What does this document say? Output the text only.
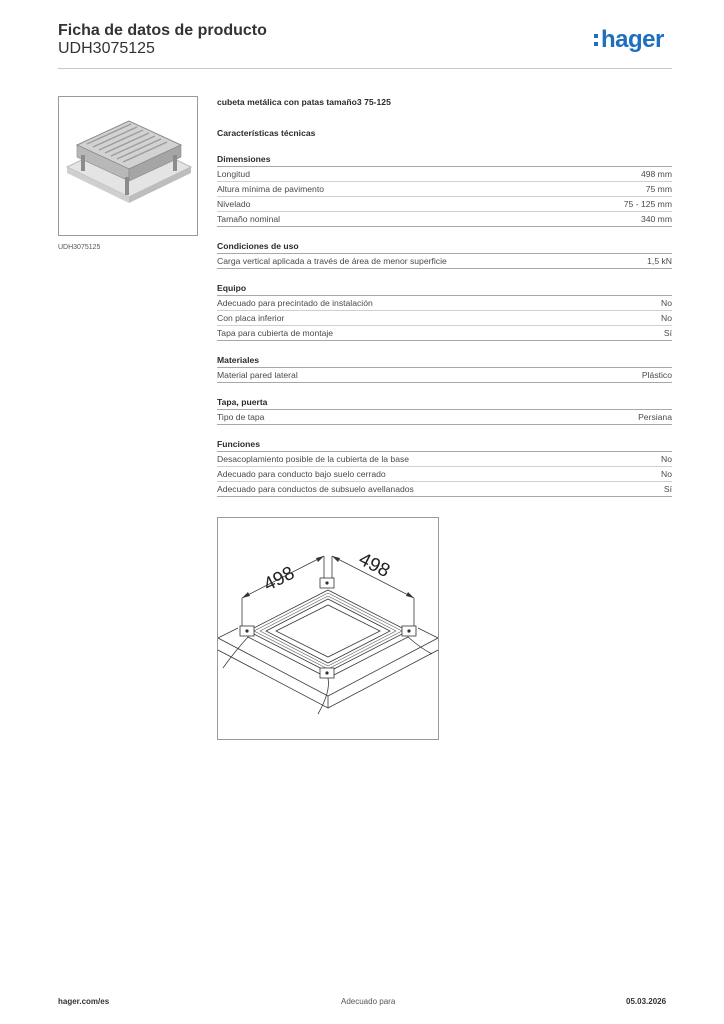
Ficha de datos de producto
UDH3075125	hager
UDH3075125
cubeta metálica con patas tamaño3 75-125
Características técnicas
Dimensiones
Longitud	498 mm
Altura mínima de pavimento	75 mm
Nivelado	75 - 125 mm
Tamaño nominal	340 mm
Condiciones de uso
Carga vertical aplicada a través de área de menor superficie	1,5 kN
Equipo
Adecuado para precintado de instalación	No
Con placa inferior	No
Tapa para cubierta de montaje	Sí
Materiales
Material pared lateral	Plástico
Tapa, puerta
Tipo de tapa	Persiana
Funciones
Desacoplamiento posible de la cubierta de la base	No
Adecuado para conducto bajo suelo cerrado	No
Adecuado para conductos de subsuelo avellanados	Sí
498	498
hager.com/es	Adecuado para	05.03.2026
